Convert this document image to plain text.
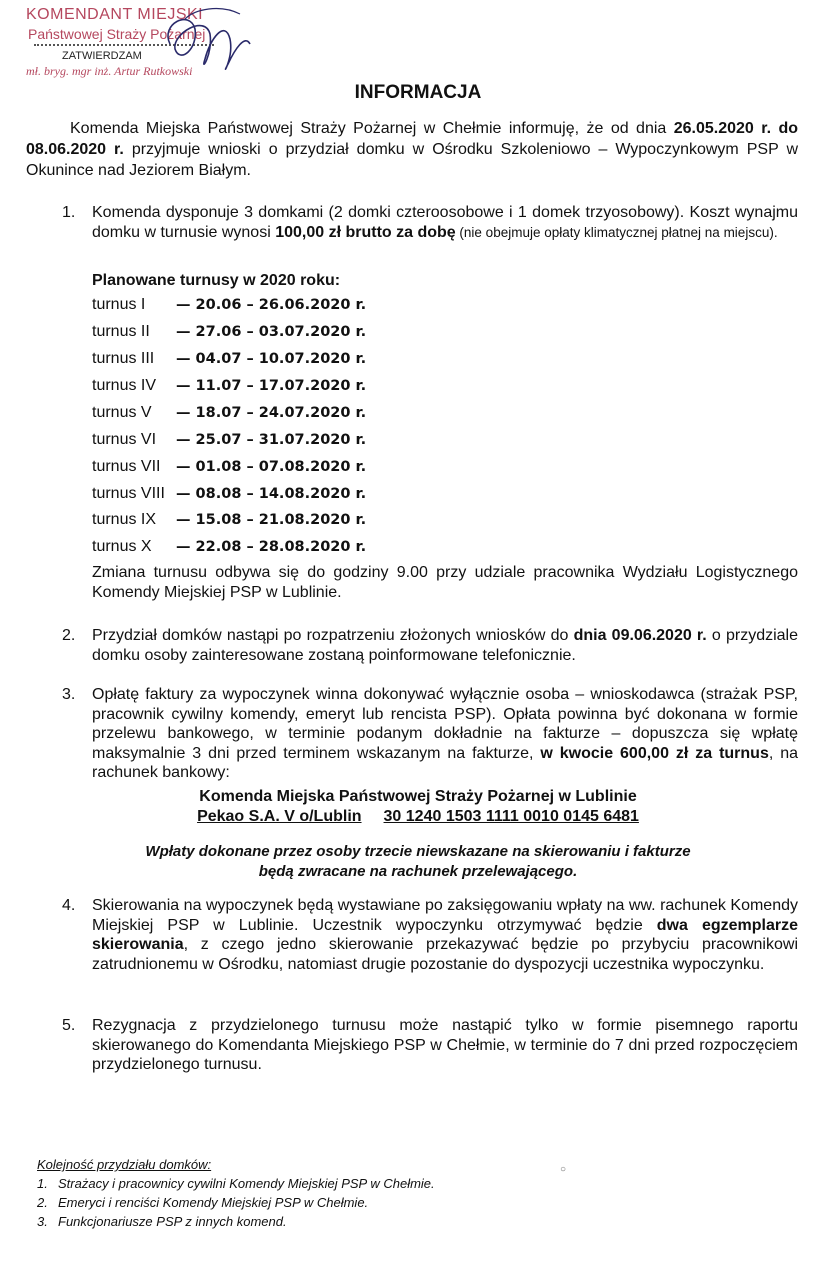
KOMENDANT MIEJSKI
Państwowej Straży Pożarnej
ZATWIERDZAM
mł. bryg. mgr inż. Artur Rutkowski
INFORMACJA
Komenda Miejska Państwowej Straży Pożarnej w Chełmie informuję, że od dnia 26.05.2020 r. do 08.06.2020 r. przyjmuje wnioski o przydział domku w Ośrodku Szkoleniowo – Wypoczynkowym PSP w Okunince nad Jeziorem Białym.
1. Komenda dysponuje 3 domkami (2 domki czteroosobowe i 1 domek trzyosobowy). Koszt wynajmu domku w turnusie wynosi 100,00 zł brutto za dobę (nie obejmuje opłaty klimatycznej płatnej na miejscu).
Planowane turnusy w 2020 roku:
turnus I — 20.06 – 26.06.2020 r.
turnus II — 27.06 – 03.07.2020 r.
turnus III — 04.07 – 10.07.2020 r.
turnus IV — 11.07 – 17.07.2020 r.
turnus V — 18.07 – 24.07.2020 r.
turnus VI — 25.07 – 31.07.2020 r.
turnus VII — 01.08 – 07.08.2020 r.
turnus VIII — 08.08 – 14.08.2020 r.
turnus IX — 15.08 – 21.08.2020 r.
turnus X — 22.08 – 28.08.2020 r.
Zmiana turnusu odbywa się do godziny 9.00 przy udziale pracownika Wydziału Logistycznego Komendy Miejskiej PSP w Lublinie.
2. Przydział domków nastąpi po rozpatrzeniu złożonych wniosków do dnia 09.06.2020 r. o przydziale domku osoby zainteresowane zostaną poinformowane telefonicznie.
3. Opłatę faktury za wypoczynek winna dokonywać wyłącznie osoba – wnioskodawca (strażak PSP, pracownik cywilny komendy, emeryt lub rencista PSP). Opłata powinna być dokonana w formie przelewu bankowego, w terminie podanym dokładnie na fakturze – dopuszcza się wpłatę maksymalnie 3 dni przed terminem wskazanym na fakturze, w kwocie 600,00 zł za turnus, na rachunek bankowy:
Komenda Miejska Państwowej Straży Pożarnej w Lublinie
Pekao S.A. V o/Lublin 30 1240 1503 1111 0010 0145 6481
Wpłaty dokonane przez osoby trzecie niewskazane na skierowaniu i fakturze
będą zwracane na rachunek przelewającego.
4. Skierowania na wypoczynek będą wystawiane po zaksięgowaniu wpłaty na ww. rachunek Komendy Miejskiej PSP w Lublinie. Uczestnik wypoczynku otrzymywać będzie dwa egzemplarze skierowania, z czego jedno skierowanie przekazywać będzie po przybyciu pracownikowi zatrudnionemu w Ośrodku, natomiast drugie pozostanie do dyspozycji uczestnika wypoczynku.
5. Rezygnacja z przydzielonego turnusu może nastąpić tylko w formie pisemnego raportu skierowanego do Komendanta Miejskiego PSP w Chełmie, w terminie do 7 dni przed rozpoczęciem przydzielonego turnusu.
○
Kolejność przydziału domków:
1. Strażacy i pracownicy cywilni Komendy Miejskiej PSP w Chełmie.
2. Emeryci i renciści Komendy Miejskiej PSP w Chełmie.
3. Funkcjonariusze PSP z innych komend.
